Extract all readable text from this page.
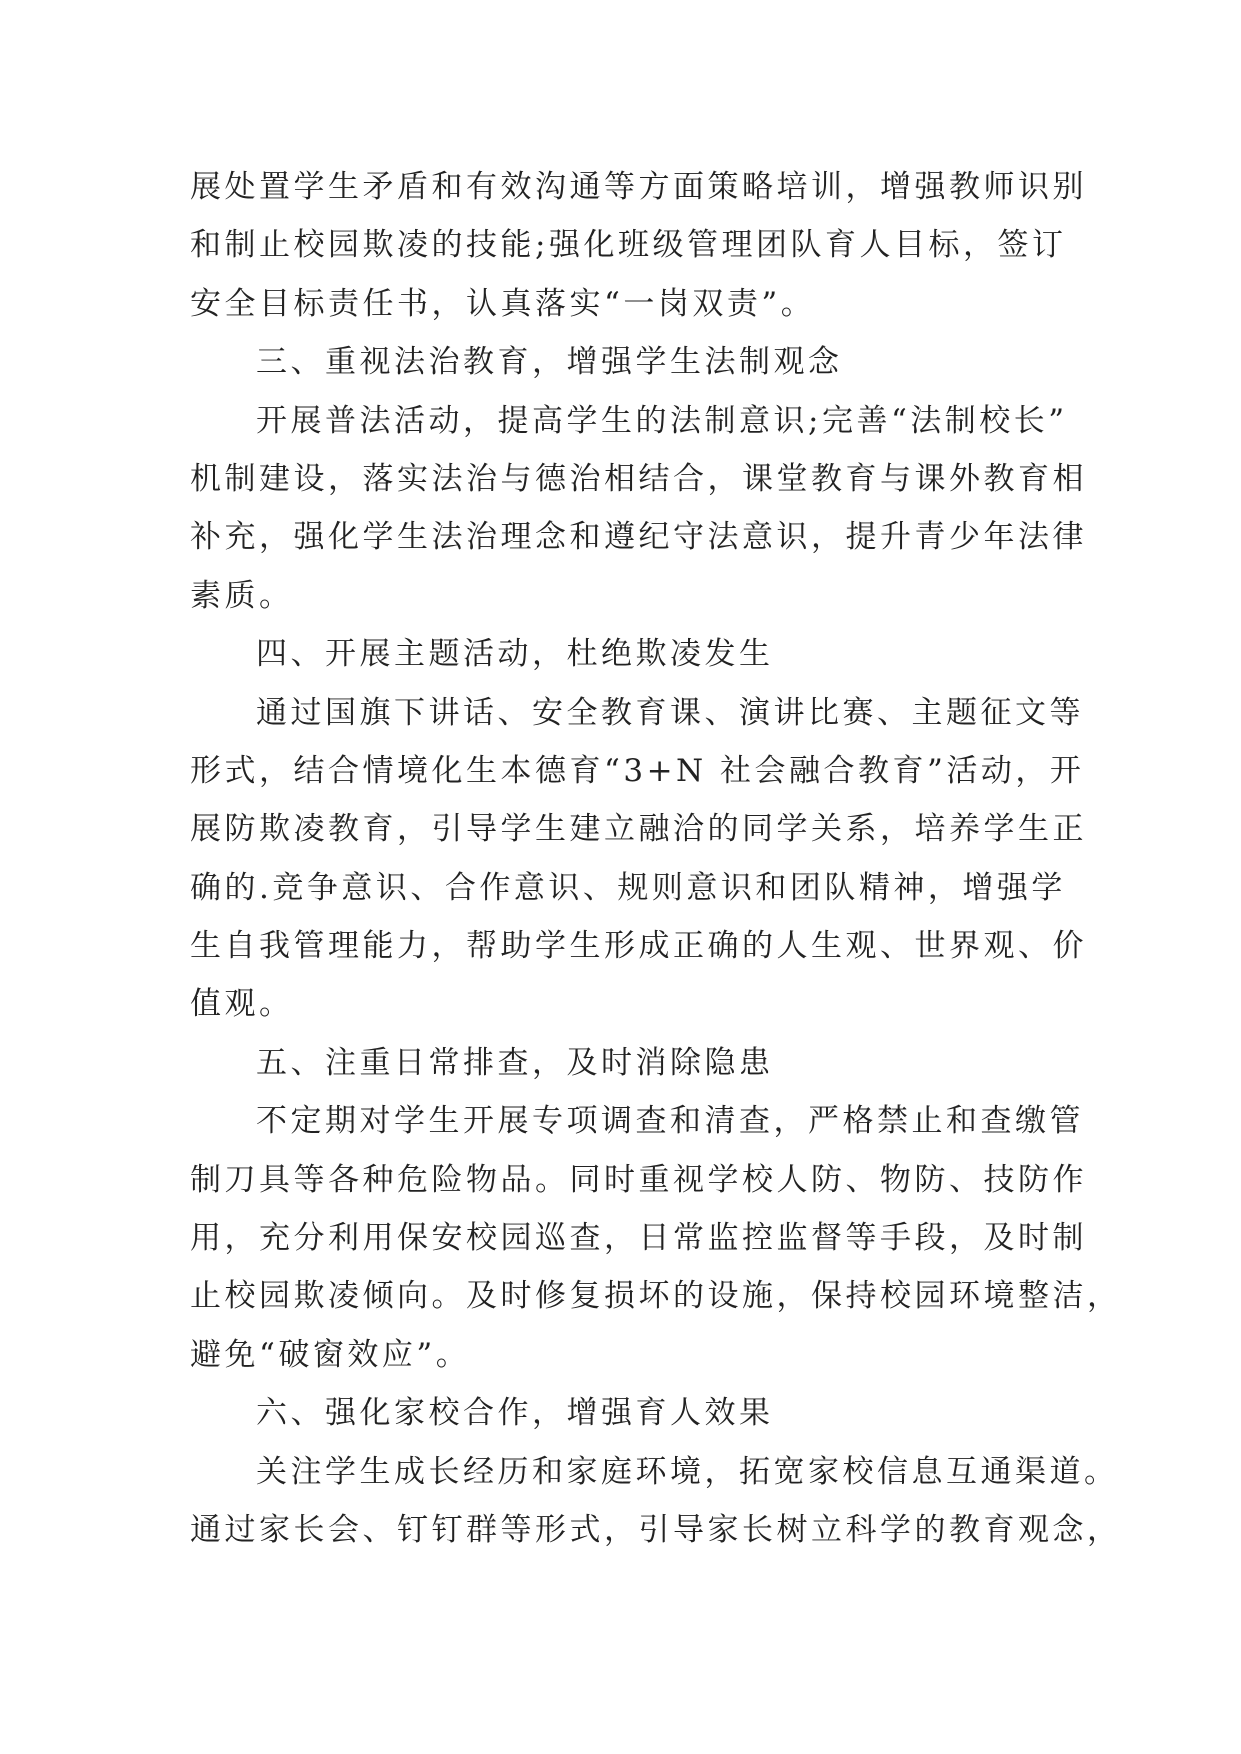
展处置学生矛盾和有效沟通等方面策略培训，增强教师识别
和制止校园欺凌的技能;强化班级管理团队育人目标，签订
安全目标责任书，认真落实“一岗双责”。
三、重视法治教育，增强学生法制观念
开展普法活动，提高学生的法制意识;完善“法制校长”
机制建设，落实法治与德治相结合，课堂教育与课外教育相
补充，强化学生法治理念和遵纪守法意识，提升青少年法律
素质。
四、开展主题活动，杜绝欺凌发生
通过国旗下讲话、安全教育课、演讲比赛、主题征文等
形式，结合情境化生本德育“3+N 社会融合教育”活动，开
展防欺凌教育，引导学生建立融洽的同学关系，培养学生正
确的.竞争意识、合作意识、规则意识和团队精神，增强学
生自我管理能力，帮助学生形成正确的人生观、世界观、价
值观。
五、注重日常排查，及时消除隐患
不定期对学生开展专项调查和清查，严格禁止和查缴管
制刀具等各种危险物品。同时重视学校人防、物防、技防作
用，充分利用保安校园巡查，日常监控监督等手段，及时制
止校园欺凌倾向。及时修复损坏的设施，保持校园环境整洁，
避免“破窗效应”。
六、强化家校合作，增强育人效果
关注学生成长经历和家庭环境，拓宽家校信息互通渠道。
通过家长会、钉钉群等形式，引导家长树立科学的教育观念，
